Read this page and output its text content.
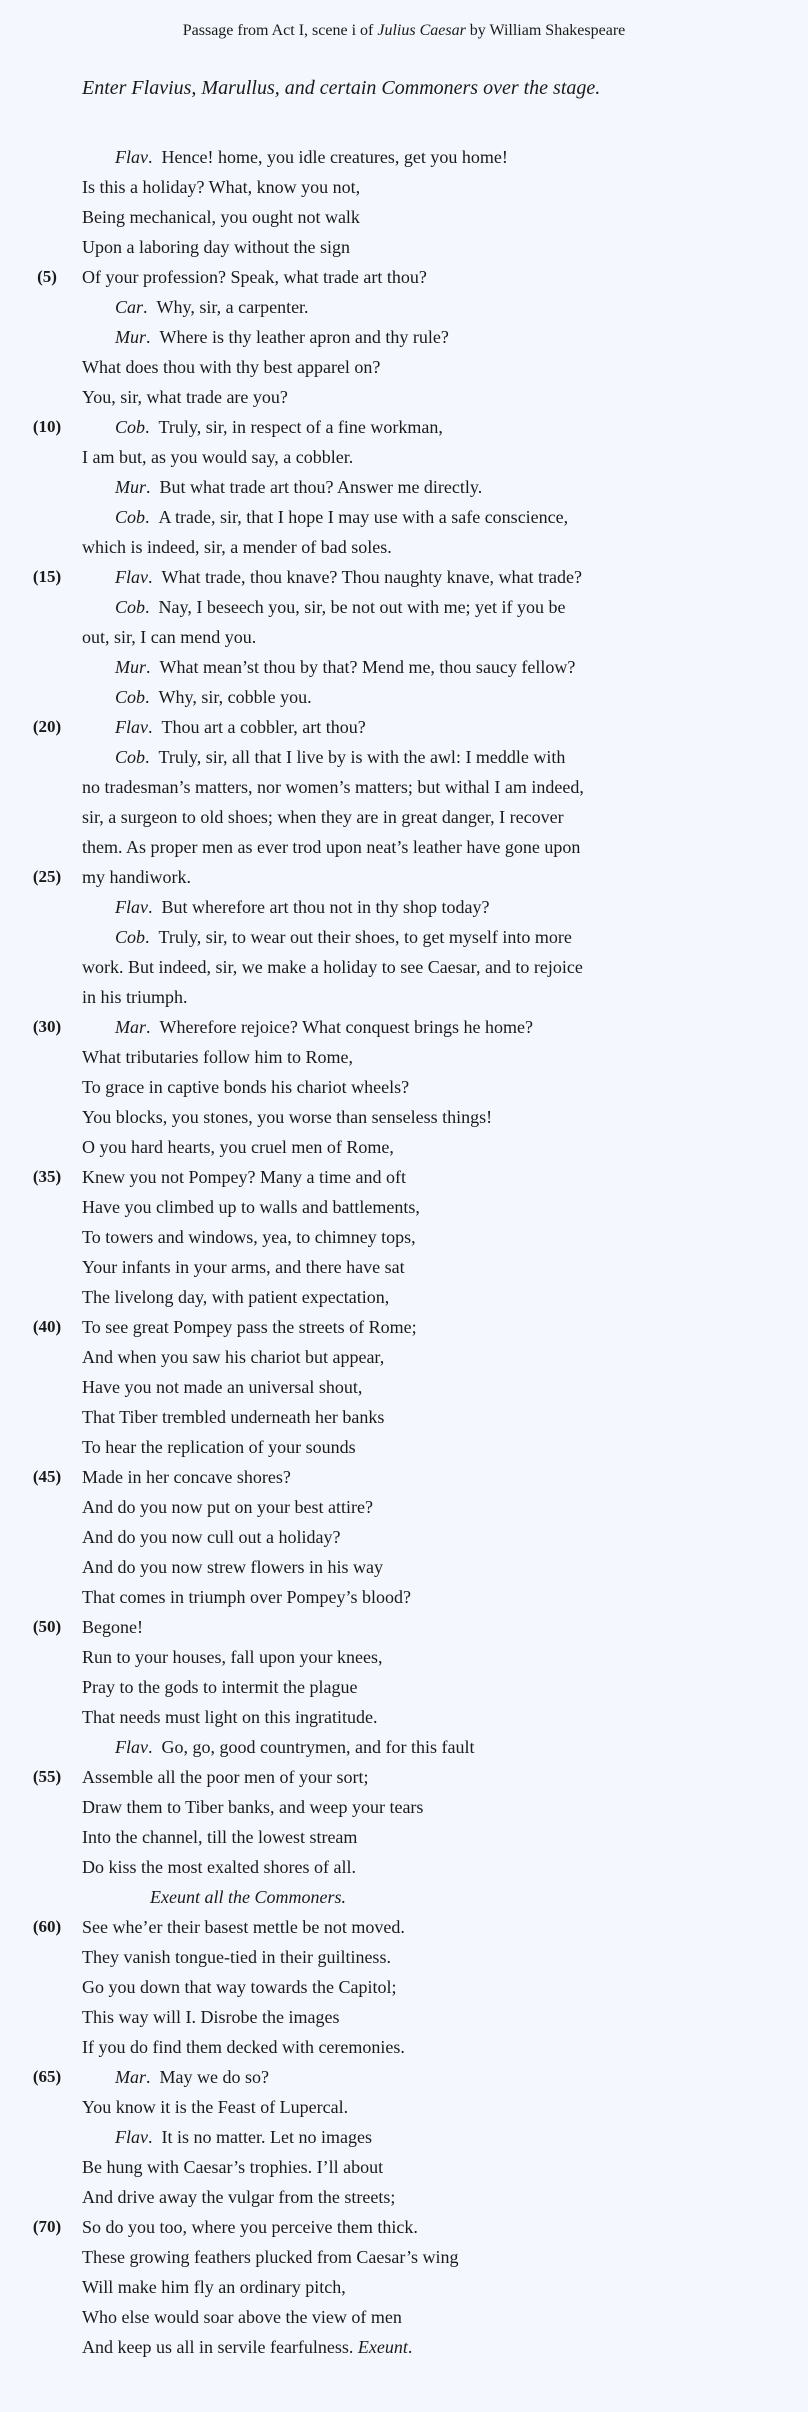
Passage from Act I, scene i of Julius Caesar by William Shakespeare
Enter Flavius, Marullus, and certain Commoners over the stage.
Flav.  Hence! home, you idle creatures, get you home!
Is this a holiday? What, know you not,
Being mechanical, you ought not walk
Upon a laboring day without the sign
(5)	Of your profession? Speak, what trade art thou?
Car.  Why, sir, a carpenter.
Mur.  Where is thy leather apron and thy rule?
What does thou with thy best apparel on?
You, sir, what trade are you?
(10)	Cob.  Truly, sir, in respect of a fine workman,
I am but, as you would say, a cobbler.
Mur.  But what trade art thou? Answer me directly.
Cob.  A trade, sir, that I hope I may use with a safe conscience,
which is indeed, sir, a mender of bad soles.
(15)	Flav.  What trade, thou knave? Thou naughty knave, what trade?
Cob.  Nay, I beseech you, sir, be not out with me; yet if you be
out, sir, I can mend you.
Mur.  What mean’st thou by that? Mend me, thou saucy fellow?
Cob.  Why, sir, cobble you.
(20)	Flav.  Thou art a cobbler, art thou?
Cob.  Truly, sir, all that I live by is with the awl: I meddle with
no tradesman’s matters, nor women’s matters; but withal I am indeed,
sir, a surgeon to old shoes; when they are in great danger, I recover
them. As proper men as ever trod upon neat’s leather have gone upon
(25) my handiwork.
Flav.  But wherefore art thou not in thy shop today?
Cob.  Truly, sir, to wear out their shoes, to get myself into more
work. But indeed, sir, we make a holiday to see Caesar, and to rejoice
in his triumph.
(30)	Mar.  Wherefore rejoice? What conquest brings he home?
What tributaries follow him to Rome,
To grace in captive bonds his chariot wheels?
You blocks, you stones, you worse than senseless things!
O you hard hearts, you cruel men of Rome,
(35) Knew you not Pompey? Many a time and oft
Have you climbed up to walls and battlements,
To towers and windows, yea, to chimney tops,
Your infants in your arms, and there have sat
The livelong day, with patient expectation,
(40) To see great Pompey pass the streets of Rome;
And when you saw his chariot but appear,
Have you not made an universal shout,
That Tiber trembled underneath her banks
To hear the replication of your sounds
(45) Made in her concave shores?
And do you now put on your best attire?
And do you now cull out a holiday?
And do you now strew flowers in his way
That comes in triumph over Pompey’s blood?
(50) Begone!
Run to your houses, fall upon your knees,
Pray to the gods to intermit the plague
That needs must light on this ingratitude.
Flav.  Go, go, good countrymen, and for this fault
(55) Assemble all the poor men of your sort;
Draw them to Tiber banks, and weep your tears
Into the channel, till the lowest stream
Do kiss the most exalted shores of all.
Exeunt all the Commoners.
(60) See whe’er their basest mettle be not moved.
They vanish tongue-tied in their guiltiness.
Go you down that way towards the Capitol;
This way will I. Disrobe the images
If you do find them decked with ceremonies.
(65)	Mar.  May we do so?
You know it is the Feast of Lupercal.
Flav.  It is no matter. Let no images
Be hung with Caesar’s trophies. I’ll about
And drive away the vulgar from the streets;
(70) So do you too, where you perceive them thick.
These growing feathers plucked from Caesar’s wing
Will make him fly an ordinary pitch,
Who else would soar above the view of men
And keep us all in servile fearfulness. Exeunt.
